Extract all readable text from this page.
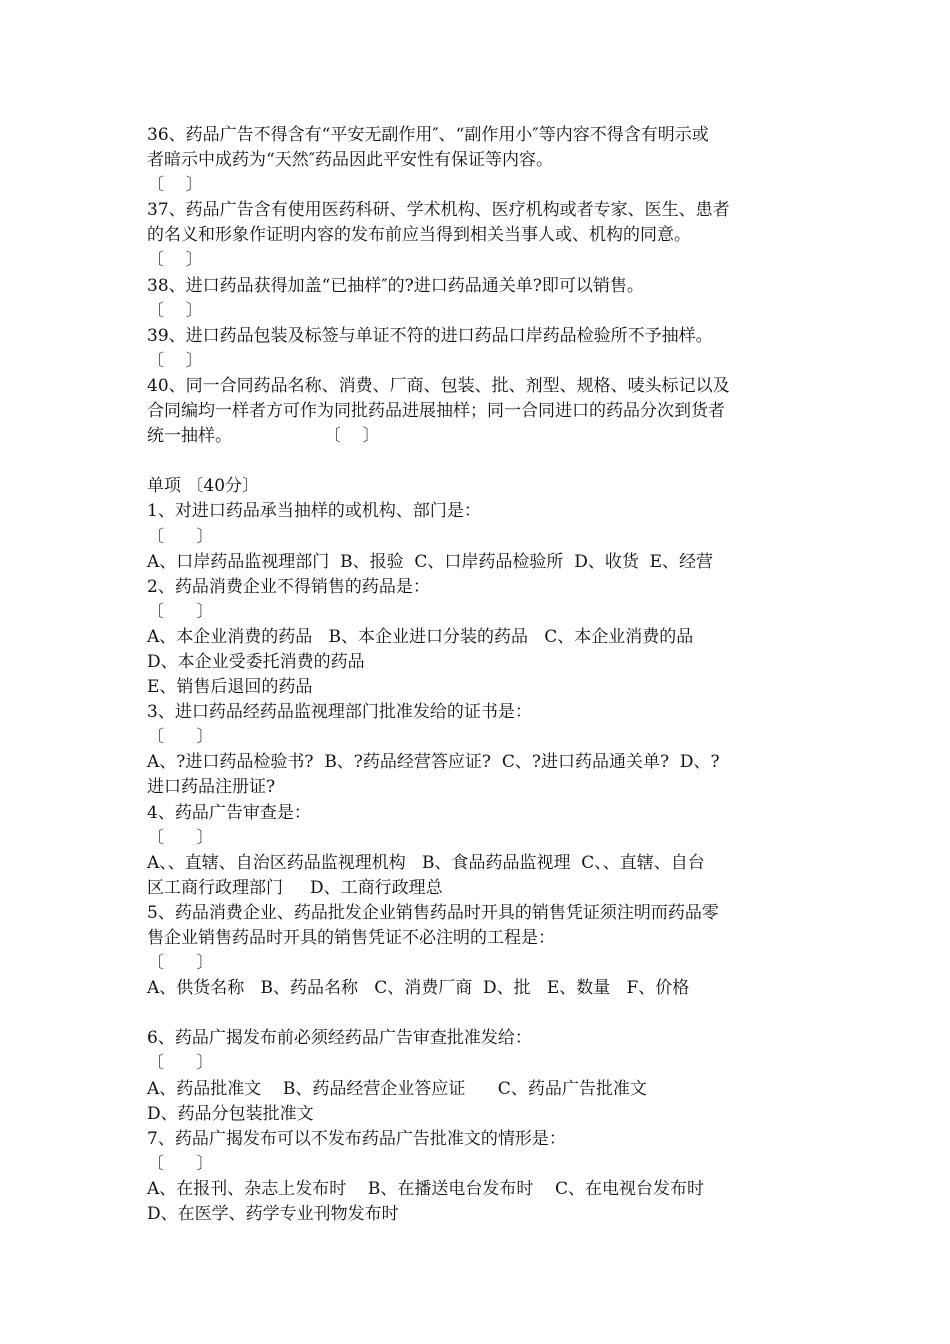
36、药品广告不得含有“平安无副作用″、“副作用小″等内容不得含有明示或
者暗示中成药为“天然″药品因此平安性有保证等内容。
〔    〕
37、药品广告含有使用医药科研、学术机构、医疗机构或者专家、医生、患者
的名义和形象作证明内容的发布前应当得到相关当事人或、机构的同意。
〔    〕
38、进口药品获得加盖“已抽样″的?进口药品通关单?即可以销售。
〔    〕
39、进口药品包装及标签与单证不符的进口药品口岸药品检验所不予抽样。
〔    〕
40、同一合同药品名称、消费、厂商、包装、批、剂型、规格、唛头标记以及
合同编均一样者方可作为同批药品进展抽样；同一合同进口的药品分次到货者
统一抽样。                 〔    〕
单项 〔40分〕
1、对进口药品承当抽样的或机构、部门是：
〔      〕
A、口岸药品监视理部门  B、报验  C、口岸药品检验所  D、收货  E、经营
2、药品消费企业不得销售的药品是：
〔      〕
A、本企业消费的药品   B、本企业进口分装的药品   C、本企业消费的品
D、本企业受委托消费的药品
E、销售后退回的药品
3、进口药品经药品监视理部门批准发给的证书是：
〔      〕
A、?进口药品检验书?  B、?药品经营答应证?  C、?进口药品通关单?  D、?
进口药品注册证?
4、药品广告审查是：
〔      〕
A、、直辖、自治区药品监视理机构   B、食品药品监视理  C、、直辖、自台
区工商行政理部门     D、工商行政理总
5、药品消费企业、药品批发企业销售药品时开具的销售凭证须注明而药品零
售企业销售药品时开具的销售凭证不必注明的工程是：
〔      〕
A、供货名称   B、药品名称   C、消费厂商  D、批   E、数量   F、价格
6、药品广揭发布前必须经药品广告审查批准发给：
〔      〕
A、药品批准文    B、药品经营企业答应证      C、药品广告批准文
D、药品分包装批准文
7、药品广揭发布可以不发布药品广告批准文的情形是：
〔      〕
A、在报刊、杂志上发布时    B、在播送电台发布时    C、在电视台发布时
D、在医学、药学专业刊物发布时
